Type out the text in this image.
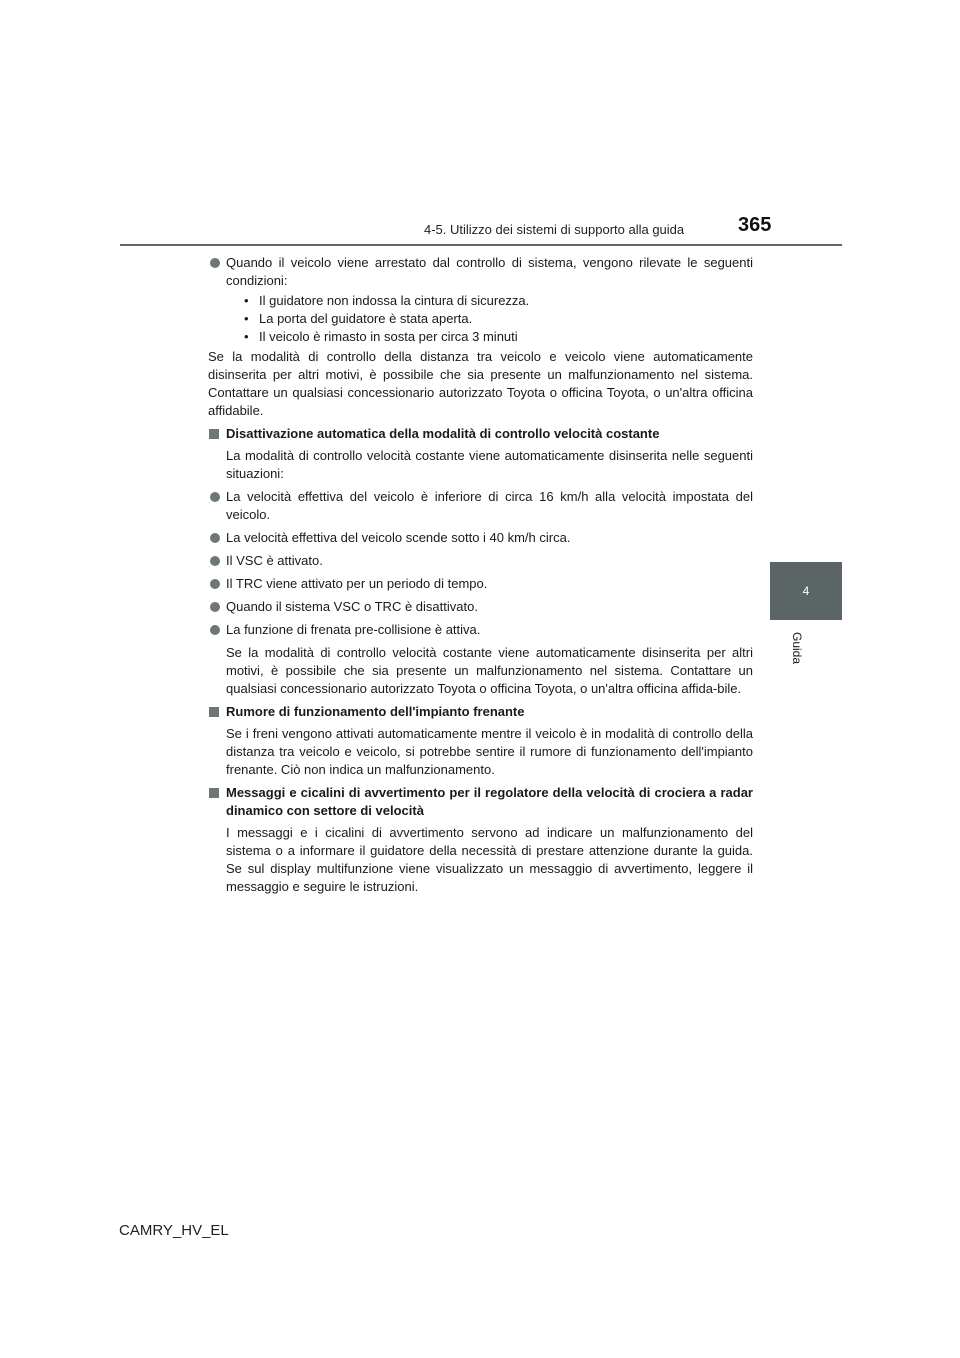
4-5. Utilizzo dei sistemi di supporto alla guida	365
4
Guida
Quando il veicolo viene arrestato dal controllo di sistema, vengono rilevate le seguenti condizioni:
• Il guidatore non indossa la cintura di sicurezza.
• La porta del guidatore è stata aperta.
• Il veicolo è rimasto in sosta per circa 3 minuti
Se la modalità di controllo della distanza tra veicolo e veicolo viene automaticamente disinserita per altri motivi, è possibile che sia presente un malfunzionamento nel sistema. Contattare un qualsiasi concessionario autorizzato Toyota o officina Toyota, o un'altra officina affidabile.
Disattivazione automatica della modalità di controllo velocità costante
La modalità di controllo velocità costante viene automaticamente disinserita nelle seguenti situazioni:
La velocità effettiva del veicolo è inferiore di circa 16 km/h alla velocità impostata del veicolo.
La velocità effettiva del veicolo scende sotto i 40 km/h circa.
Il VSC è attivato.
Il TRC viene attivato per un periodo di tempo.
Quando il sistema VSC o TRC è disattivato.
La funzione di frenata pre-collisione è attiva.
Se la modalità di controllo velocità costante viene automaticamente disinserita per altri motivi, è possibile che sia presente un malfunzionamento nel sistema. Contattare un qualsiasi concessionario autorizzato Toyota o officina Toyota, o un'altra officina affida-bile.
Rumore di funzionamento dell'impianto frenante
Se i freni vengono attivati automaticamente mentre il veicolo è in modalità di controllo della distanza tra veicolo e veicolo, si potrebbe sentire il rumore di funzionamento dell'impianto frenante. Ciò non indica un malfunzionamento.
Messaggi e cicalini di avvertimento per il regolatore della velocità di crociera a radar dinamico con settore di velocità
I messaggi e i cicalini di avvertimento servono ad indicare un malfunzionamento del sistema o a informare il guidatore della necessità di prestare attenzione durante la guida. Se sul display multifunzione viene visualizzato un messaggio di avvertimento, leggere il messaggio e seguire le istruzioni.
CAMRY_HV_EL
